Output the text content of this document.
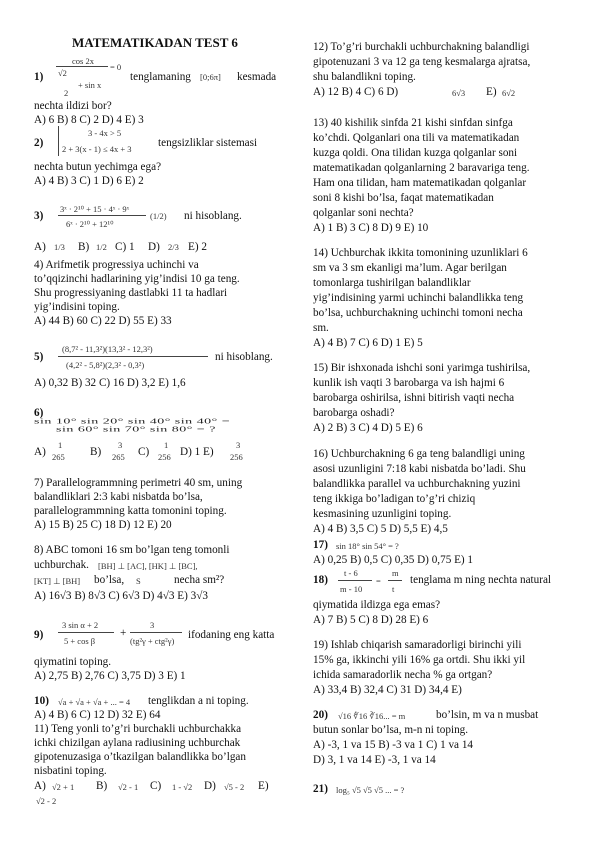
MATEMATIKADAN TEST 6
cos 2x
1) √2
+ sin x
= 0
2
tenglamaning [0;6π] kesmada
nechta ildizi bor?
A) 6 B) 8 C) 2 D) 4 E) 3
2)
3 - 4x > 5
2 + 3(x - 1) ≤ 4x + 3 tengsizliklar sistemasi
nechta butun yechimga ega?
A) 4 B) 3 C) 1 D) 6 E) 2
3ˣ · 2¹⁰ + 15 · 4ˣ · 9ˣ
6ˣ · 2¹⁰ + 12¹⁰
3)	(1/2) ni hisoblang.
A) 1/3 B) 1/2 C) 1 D) 2/3 E) 2
4) Arifmetik progressiya uchinchi va
to’qqizinchi hadlarining yig’indisi 10 ga teng.
Shu progressiyaning dastlabki 11 ta hadlari
yig’indisini toping.
A) 44 B) 60 C) 22 D) 55 E) 33
5)
(8,7² - 11,3²)(13,3² - 12,3²)
(4,2² - 5,8²)(2,3² - 0,3²)
ni hisoblang.
A) 0,32 B) 32 C) 16 D) 3,2 E) 1,6
6)
sin 10° sin 20° sin 40° sin 40° =
sin 60° sin 70° sin 80° = ?
A)
1
265 B)
3
265 C)
1
256 D) 1 E)
3
256
7) Parallelogrammning perimetri 40 sm, uning
balandliklari 2:3 kabi nisbatda bo’lsa,
parallelogrammning katta tomonini toping.
A) 15 B) 25 C) 18 D) 12 E) 20
8) ABC tomoni 16 sm bo’lgan teng tomonli
uchburchak. [BH] ⊥ [AC], [HK] ⊥ [BC],
[KT] ⊥ [BH] bo’lsa, S	necha sm²?
A) 16√3 B) 8√3 C) 6√3 D) 4√3 E) 3√3
9)
3 sin α + 2
5 + cos β
+
3
(tg²γ + ctg²γ) ifodaning eng katta
qiymatini toping.
A) 2,75 B) 2,76 C) 3,75 D) 3 E) 1
10) √a + √a + √a + ... = 4 tenglikdan a ni toping.
A) 4 B) 6 C) 12 D) 32 E) 64
11) Teng yonli to’g’ri burchakli uchburchakka
ichki chizilgan aylana radiusining uchburchak
gipotenuzasiga o’tkazilgan balandlikka bo’lgan
nisbatini toping.
A) √2 + 1 B) √2 - 1 C) 1 - √2 D) √5 - 2 E)
√2 - 2
12) To’g’ri burchakli uchburchakning balandligi
gipotenuzani 3 va 12 ga teng kesmalarga ajratsa,
shu balandlikni toping.
A) 12 B) 4 C) 6 D)	6√3 E) 6√2
13) 40 kishilik sinfda 21 kishi sinfdan sinfga
ko’chdi. Qolganlari ona tili va matematikadan
kuzga qoldi. Ona tilidan kuzga qolganlar soni
matematikadan qolganlarning 2 baravariga teng.
Ham ona tilidan, ham matematikadan qolganlar
soni 8 kishi bo’lsa, faqat matematikadan
qolganlar soni nechta?
A) 1 B) 3 C) 8 D) 9 E) 10
14) Uchburchak ikkita tomonining uzunliklari 6
sm va 3 sm ekanligi ma’lum. Agar berilgan
tomonlarga tushirilgan balandliklar
yig’indisining yarmi uchinchi balandlikka teng
bo’lsa, uchburchakning uchinchi tomoni necha
sm.
A) 4 B) 7 C) 6 D) 1 E) 5
15) Bir ishxonada ishchi soni yarimga tushirilsa,
kunlik ish vaqti 3 barobarga va ish hajmi 6
barobarga oshirilsa, ishni bitirish vaqti necha
barobarga oshadi?
A) 2 B) 3 C) 4 D) 5 E) 6
16) Uchburchakning 6 ga teng balandligi uning
asosi uzunligini 7:18 kabi nisbatda bo’ladi. Shu
balandlikka parallel va uchburchakning yuzini
teng ikkiga bo’ladigan to’g’ri chiziq
kesmasining uzunligini toping.
A) 4 B) 3,5 C) 5 D) 5,5 E) 4,5
17) sin 18° sin 54° = ?
A) 0,25 B) 0,5 C) 0,35 D) 0,75 E) 1
t - 6
m - 10
18)	=
m
t
tenglama m ning nechta natural
qiymatida ildizga ega emas?
A) 7 B) 5 C) 8 D) 28 E) 6
19) Ishlab chiqarish samaradorligi birinchi yili
15% ga, ikkinchi yili 16% ga ortdi. Shu ikki yil
ichida samaradorlik necha % ga ortgan?
A) 33,4 B) 32,4 C) 31 D) 34,4 E)
20) √16 ∜16 ∛16... = m	bo’lsin, m va n musbat
butun sonlar bo’lsa, m-n ni toping.
A) -3, 1 va 15 B) -3 va 1 C) 1 va 14
D) 3, 1 va 14 E) -3, 1 va 14
21) log₅ √5 √5 √5 ... = ?
